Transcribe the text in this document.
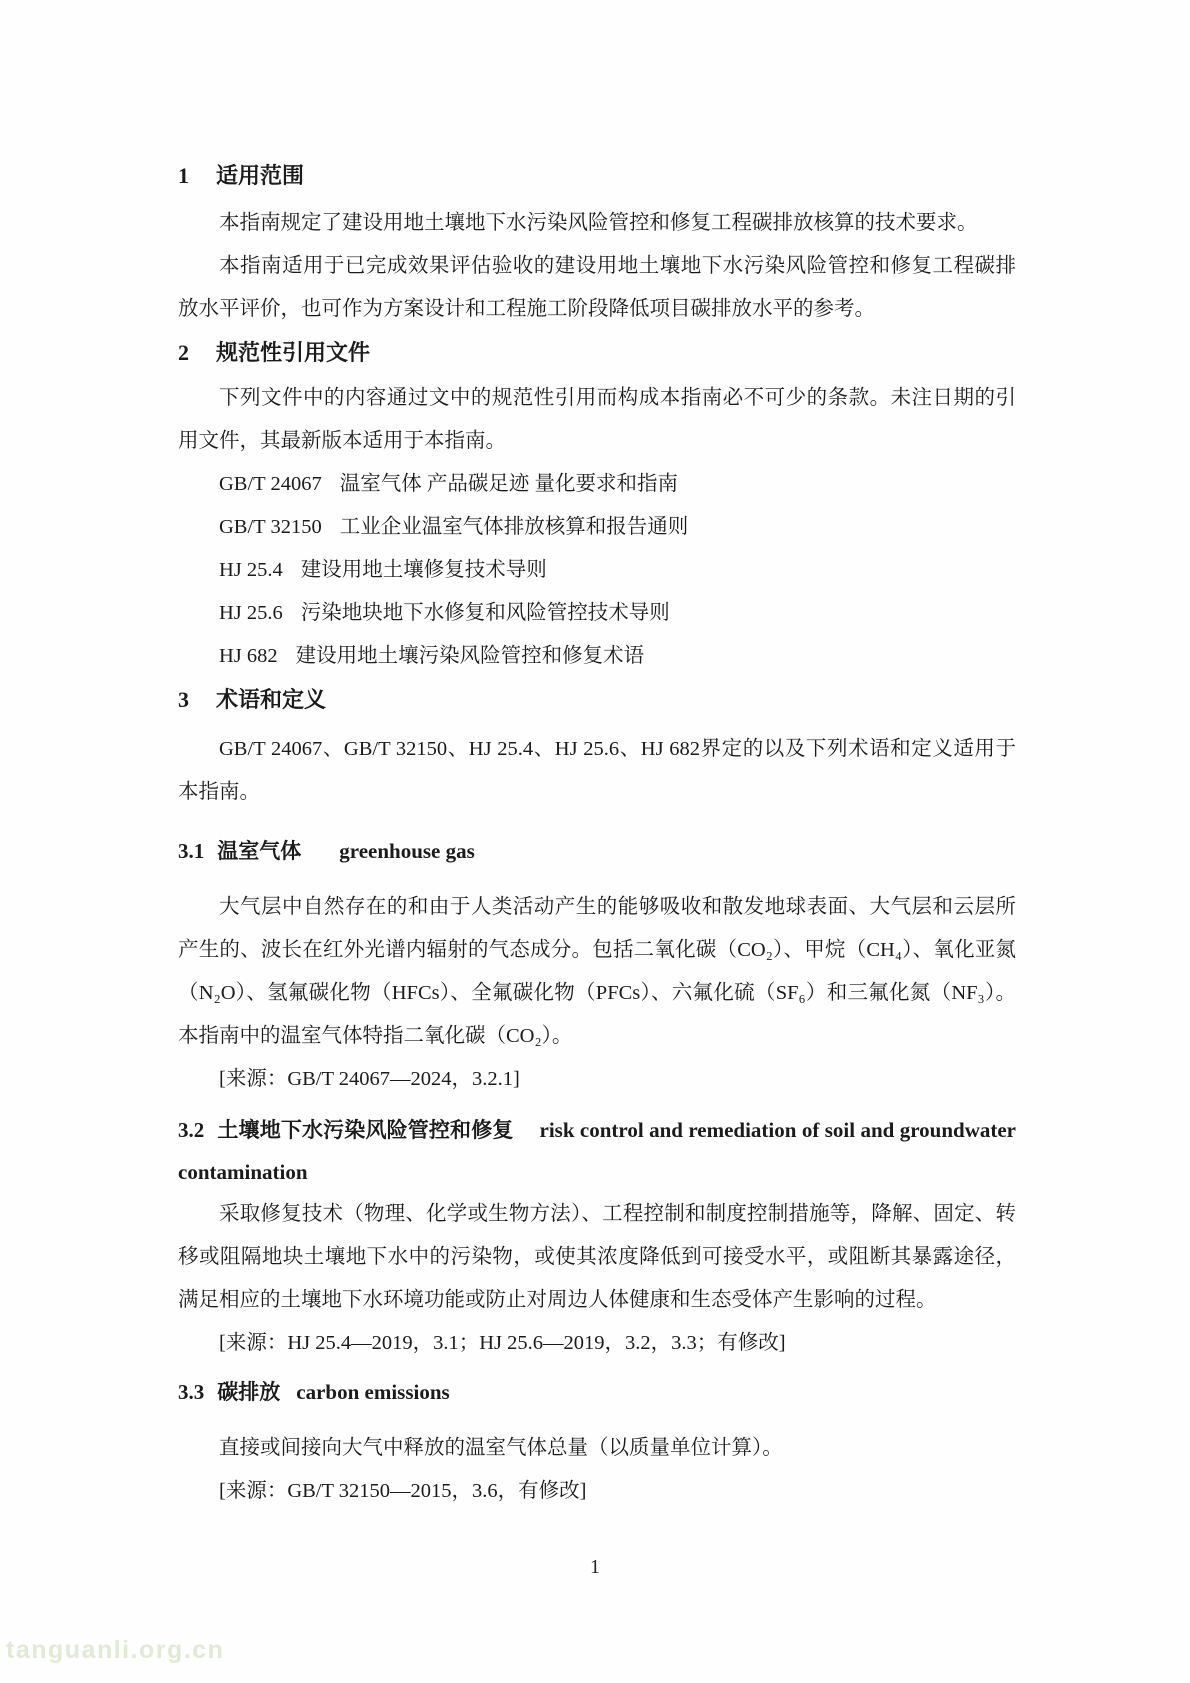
1 适用范围

本指南规定了建设用地土壤地下水污染风险管控和修复工程碳排放核算的技术要求。

本指南适用于已完成效果评估验收的建设用地土壤地下水污染风险管控和修复工程碳排放水平评价，也可作为方案设计和工程施工阶段降低项目碳排放水平的参考。

2 规范性引用文件

下列文件中的内容通过文中的规范性引用而构成本指南必不可少的条款。未注日期的引用文件，其最新版本适用于本指南。

GB/T 24067 温室气体 产品碳足迹 量化要求和指南
GB/T 32150 工业企业温室气体排放核算和报告通则
HJ 25.4 建设用地土壤修复技术导则
HJ 25.6 污染地块地下水修复和风险管控技术导则
HJ 682 建设用地土壤污染风险管控和修复术语
3 术语和定义

GB/T 24067、GB/T 32150、HJ 25.4、HJ 25.6、HJ 682界定的以及下列术语和定义适用于本指南。

3.1 温室气体 greenhouse gas

大气层中自然存在的和由于人类活动产生的能够吸收和散发地球表面、大气层和云层所产生的、波长在红外光谱内辐射的气态成分。包括二氧化碳（CO₂）、甲烷（CH₄）、氧化亚氮（N₂O）、氢氟碳化物（HFCs）、全氟碳化物（PFCs）、六氟化硫（SF₆）和三氟化氮（NF₃）。本指南中的温室气体特指二氧化碳（CO₂）。

[来源：GB/T 24067—2024，3.2.1]

3.2 土壤地下水污染风险管控和修复 risk control and remediation of soil and groundwater contamination

采取修复技术（物理、化学或生物方法）、工程控制和制度控制措施等，降解、固定、转移或阻隔地块土壤地下水中的污染物，或使其浓度降低到可接受水平，或阻断其暴露途径，满足相应的土壤地下水环境功能或防止对周边人体健康和生态受体产生影响的过程。

[来源：HJ 25.4—2019，3.1；HJ 25.6—2019，3.2，3.3；有修改]

3.3 碳排放 carbon emissions

直接或间接向大气中释放的温室气体总量（以质量单位计算）。

[来源：GB/T 32150—2015，3.6，有修改]

1
tanguanli.org.cn
